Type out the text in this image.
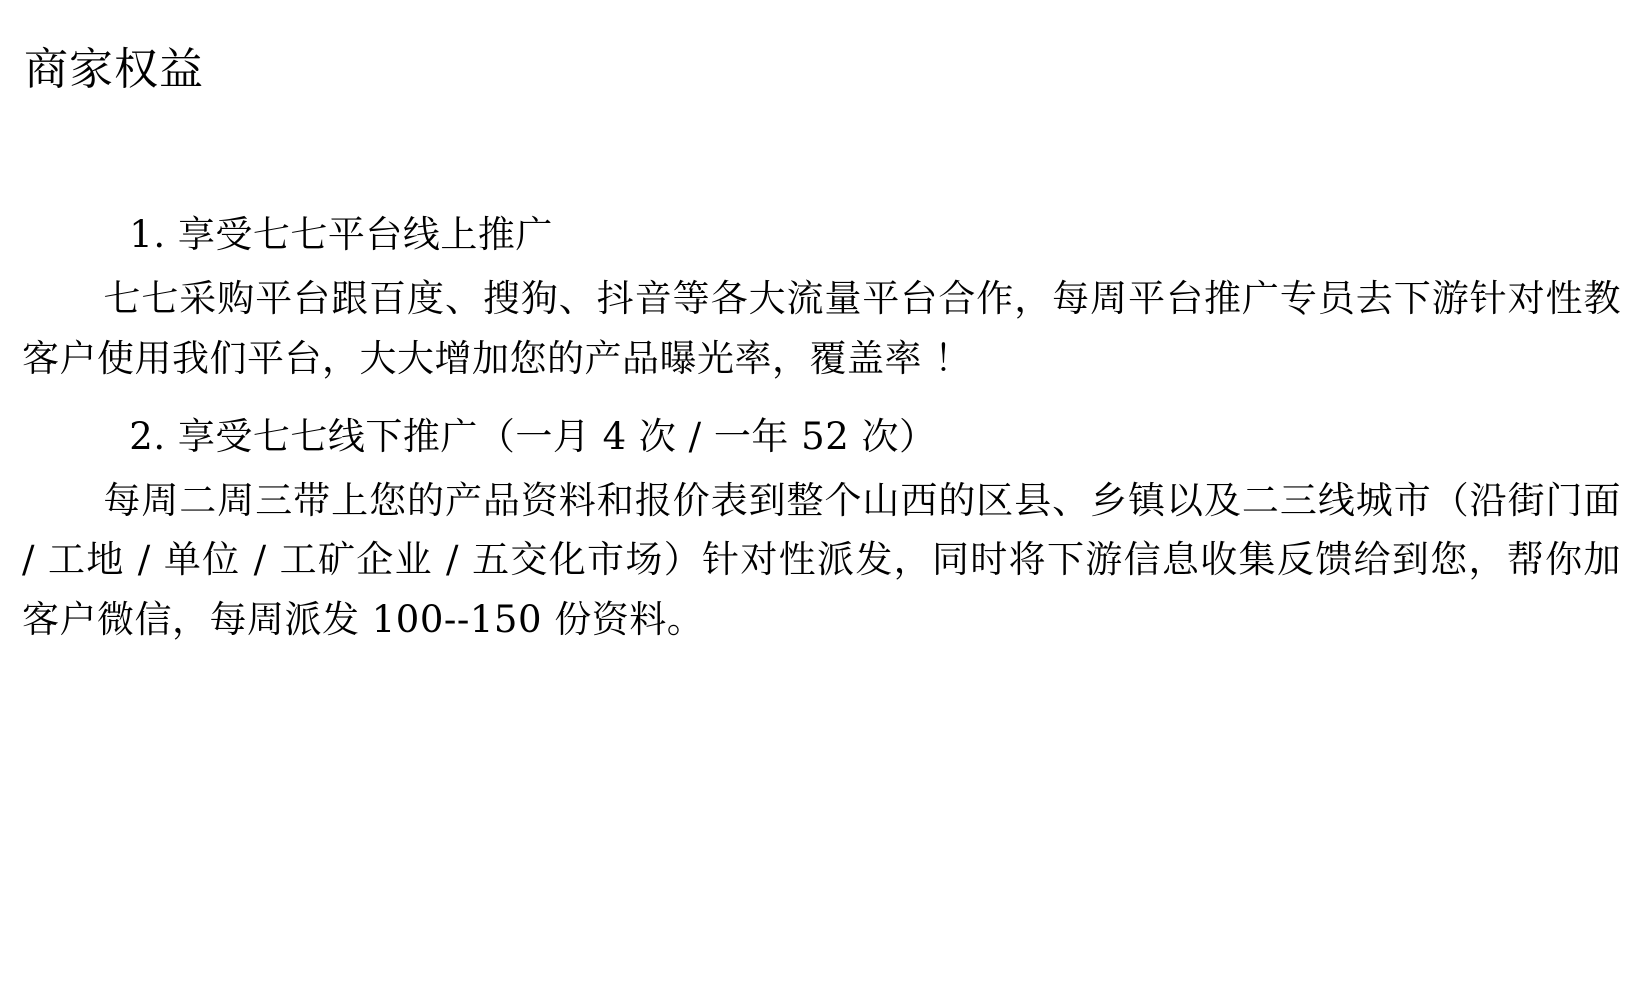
商家权益

1. 享受七七平台线上推广

七七采购平台跟百度、搜狗、抖音等各大流量平台合作，每周平台推广专员去下游针对性教客户使用我们平台，大大增加您的产品曝光率，覆盖率 ！

2. 享受七七线下推广（一月 4 次 / 一年 52 次）

每周二周三带上您的产品资料和报价表到整个山西的区县、乡镇以及二三线城市（沿街门面 / 工地 / 单位 / 工矿企业 / 五交化市场）针对性派发，同时将下游信息收集反馈给到您，帮你加客户微信，每周派发 100--150 份资料。
